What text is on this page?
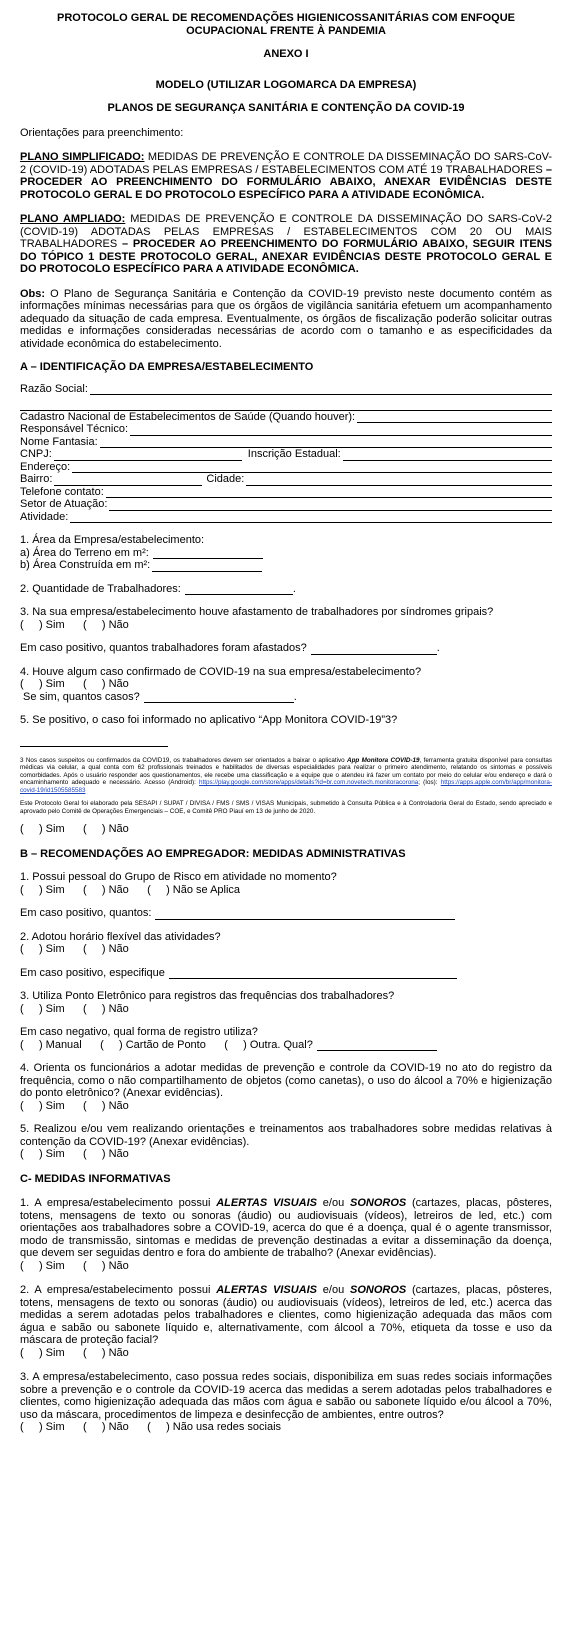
PROTOCOLO GERAL DE RECOMENDAÇÕES HIGIENICOSSANITÁRIAS COM ENFOQUE
OCUPACIONAL FRENTE À PANDEMIA
ANEXO I
MODELO (UTILIZAR LOGOMARCA DA EMPRESA)
PLANOS DE SEGURANÇA SANITÁRIA E CONTENÇÃO DA COVID-19
Orientações para preenchimento:

PLANO SIMPLIFICADO: MEDIDAS DE PREVENÇÃO E CONTROLE DA DISSEMINAÇÃO DO SARS-CoV-2 (COVID-19) ADOTADAS PELAS EMPRESAS / ESTABELECIMENTOS COM ATÉ 19 TRABALHADORES – PROCEDER AO PREENCHIMENTO DO FORMULÁRIO ABAIXO, ANEXAR EVIDÊNCIAS DESTE PROTOCOLO GERAL E DO PROTOCOLO ESPECÍFICO PARA A ATIVIDADE ECONÔMICA.

PLANO AMPLIADO: MEDIDAS DE PREVENÇÃO E CONTROLE DA DISSEMINAÇÃO DO SARS-CoV-2 (COVID-19) ADOTADAS PELAS EMPRESAS / ESTABELECIMENTOS COM 20 OU MAIS TRABALHADORES – PROCEDER AO PREENCHIMENTO DO FORMULÁRIO ABAIXO, SEGUIR ITENS DO TÓPICO 1 DESTE PROTOCOLO GERAL, ANEXAR EVIDÊNCIAS DESTE PROTOCOLO GERAL E DO PROTOCOLO ESPECÍFICO PARA A ATIVIDADE ECONÔMICA.

Obs: O Plano de Segurança Sanitária e Contenção da COVID-19 previsto neste documento contém as informações mínimas necessárias para que os órgãos de vigilância sanitária efetuem um acompanhamento adequado da situação de cada empresa. Eventualmente, os órgãos de fiscalização poderão solicitar outras medidas e informações consideradas necessárias de acordo com o tamanho e as especificidades da atividade econômica do estabelecimento.

A – IDENTIFICAÇÃO DA EMPRESA/ESTABELECIMENTO
Razão Social:
Cadastro Nacional de Estabelecimentos de Saúde (Quando houver):
Responsável Técnico:
Nome Fantasia:
CNPJ:	Inscrição Estadual:
Endereço:
Bairro:	Cidade:
Telefone contato:
Setor de Atuação:
Atividade:
1. Área da Empresa/estabelecimento:
a) Área do Terreno em m²:
b) Área Construída em m²:
2. Quantidade de Trabalhadores:	.
3. Na sua empresa/estabelecimento houve afastamento de trabalhadores por síndromes gripais?
(     ) Sim      (     ) Não
Em caso positivo, quantos trabalhadores foram afastados?	.
4. Houve algum caso confirmado de COVID-19 na sua empresa/estabelecimento?
(     ) Sim      (     ) Não
Se sim, quantos casos?	.
5. Se positivo, o caso foi informado no aplicativo “App Monitora COVID-19”3?

3 Nos casos suspeitos ou confirmados da COVID19, os trabalhadores devem ser orientados a baixar o aplicativo App Monitora COVID-19, ferramenta gratuita disponível para consultas médicas via celular, a qual conta com 62 profissionais treinados e habilitados de diversas especialidades para realizar o primeiro atendimento, relatando os sintomas e possíveis comorbidades. Após o usuário responder aos questionamentos, ele recebe uma classificação e a equipe que o atendeu irá fazer um contato por meio do celular e/ou endereço e dará o encaminhamento adequado e necessário. Acesso (Android): https://play.google.com/store/apps/details?id=br.com.novetech.monitoracorona; (Ios): https://apps.apple.com/br/app/monitora-covid-19/id1505585583

Este Protocolo Geral foi elaborado pela SESAPI / SUPAT / DIVISA / FMS / SMS / VISAS Municipais, submetido à Consulta Pública e à Controladoria Geral do Estado, sendo apreciado e aprovado pelo Comitê de Operações Emergenciais – COE, e Comitê PRO Piauí em 13 de junho de 2020.

(     ) Sim      (     ) Não
B – RECOMENDAÇÕES AO EMPREGADOR: MEDIDAS ADMINISTRATIVAS
1. Possui pessoal do Grupo de Risco em atividade no momento?
(     ) Sim      (     ) Não      (     ) Não se Aplica
Em caso positivo, quantos:
2. Adotou horário flexível das atividades?
(     ) Sim      (     ) Não
Em caso positivo, especifique
3. Utiliza Ponto Eletrônico para registros das frequências dos trabalhadores?
(     ) Sim      (     ) Não
Em caso negativo, qual forma de registro utiliza?
(     ) Manual      (     ) Cartão de Ponto      (     ) Outra. Qual?

4. Orienta os funcionários a adotar medidas de prevenção e controle da COVID-19 no ato do registro da frequência, como o não compartilhamento de objetos (como canetas), o uso do álcool a 70% e higienização do ponto eletrônico? (Anexar evidências).

(     ) Sim      (     ) Não

5. Realizou e/ou vem realizando orientações e treinamentos aos trabalhadores sobre medidas relativas à contenção da COVID-19? (Anexar evidências).

(     ) Sim      (     ) Não
C- MEDIDAS INFORMATIVAS

1. A empresa/estabelecimento possui ALERTAS VISUAIS e/ou SONOROS (cartazes, placas, pôsteres, totens, mensagens de texto ou sonoras (áudio) ou audiovisuais (vídeos), letreiros de led, etc.) com orientações aos trabalhadores sobre a COVID-19, acerca do que é a doença, qual é o agente transmissor, modo de transmissão, sintomas e medidas de prevenção destinadas a evitar a disseminação da doença, que devem ser seguidas dentro e fora do ambiente de trabalho? (Anexar evidências).

(     ) Sim      (     ) Não

2. A empresa/estabelecimento possui ALERTAS VISUAIS e/ou SONOROS (cartazes, placas, pôsteres, totens, mensagens de texto ou sonoras (áudio) ou audiovisuais (vídeos), letreiros de led, etc.) acerca das medidas a serem adotadas pelos trabalhadores e clientes, como higienização adequada das mãos com água e sabão ou sabonete líquido e, alternativamente, com álcool a 70%, etiqueta da tosse e uso da máscara de proteção facial?

(     ) Sim      (     ) Não

3. A empresa/estabelecimento, caso possua redes sociais, disponibiliza em suas redes sociais informações sobre a prevenção e o controle da COVID-19 acerca das medidas a serem adotadas pelos trabalhadores e clientes, como higienização adequada das mãos com água e sabão ou sabonete líquido e/ou álcool a 70%, uso da máscara, procedimentos de limpeza e desinfecção de ambientes, entre outros?

(     ) Sim      (     ) Não      (     ) Não usa redes sociais
